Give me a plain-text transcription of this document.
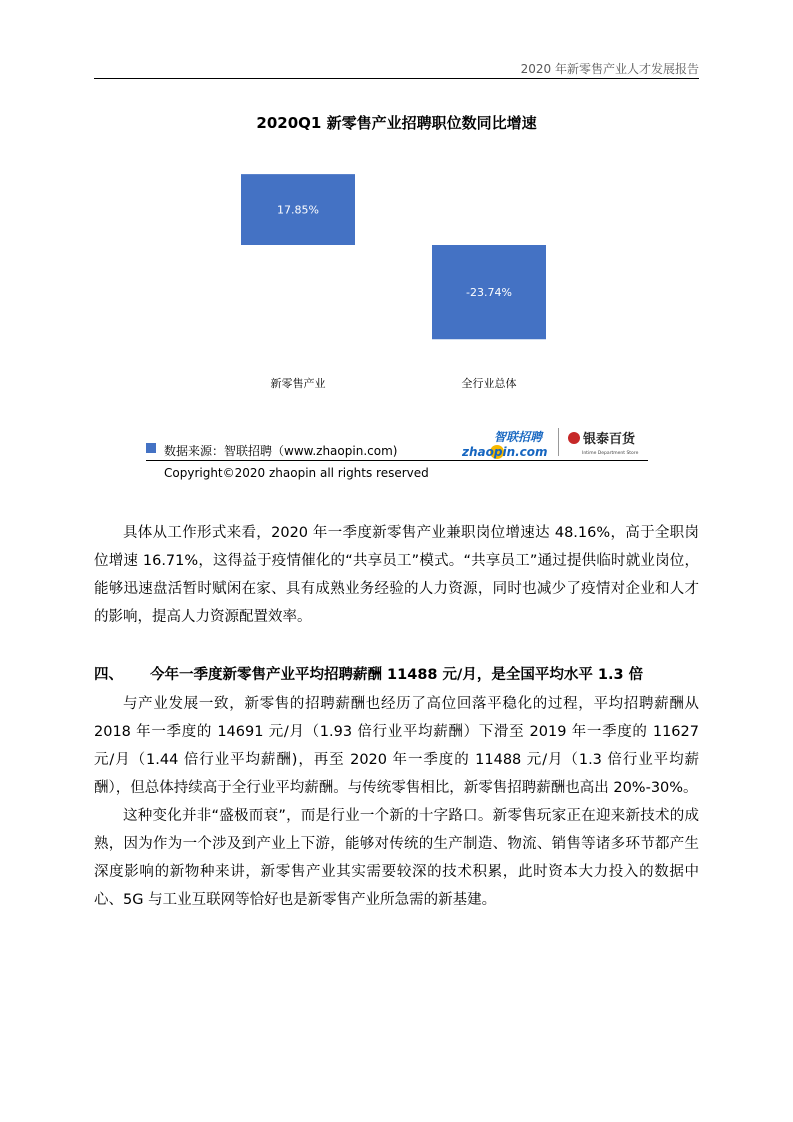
2020 年新零售产业人才发展报告
2020Q1 新零售产业招聘职位数同比增速
17.85%
新零售产业
-23.74%
全行业总体
数据来源：智联招聘（www.zhaopin.com)
智联招聘
zhaopin.com
银泰百货
Intime Department Store
Copyright©2020 zhaopin all rights reserved

具体从工作形式来看，2020 年一季度新零售产业兼职岗位增速达 48.16%，高于全职岗位增速 16.71%，这得益于疫情催化的“共享员工”模式。“共享员工”通过提供临时就业岗位，能够迅速盘活暂时赋闲在家、具有成熟业务经验的人力资源，同时也减少了疫情对企业和人才的影响，提高人力资源配置效率。

四、 今年一季度新零售产业平均招聘薪酬 11488 元/月，是全国平均水平 1.3 倍

与产业发展一致，新零售的招聘薪酬也经历了高位回落平稳化的过程，平均招聘薪酬从 2018 年一季度的 14691 元/月（1.93 倍行业平均薪酬）下滑至 2019 年一季度的 11627 元/月（1.44 倍行业平均薪酬)，再至 2020 年一季度的 11488 元/月（1.3 倍行业平均薪酬），但总体持续高于全行业平均薪酬。与传统零售相比，新零售招聘薪酬也高出 20%-30%。

这种变化并非“盛极而衰”，而是行业一个新的十字路口。新零售玩家正在迎来新技术的成熟，因为作为一个涉及到产业上下游，能够对传统的生产制造、物流、销售等诸多环节都产生深度影响的新物种来讲，新零售产业其实需要较深的技术积累，此时资本大力投入的数据中心、5G 与工业互联网等恰好也是新零售产业所急需的新基建。
